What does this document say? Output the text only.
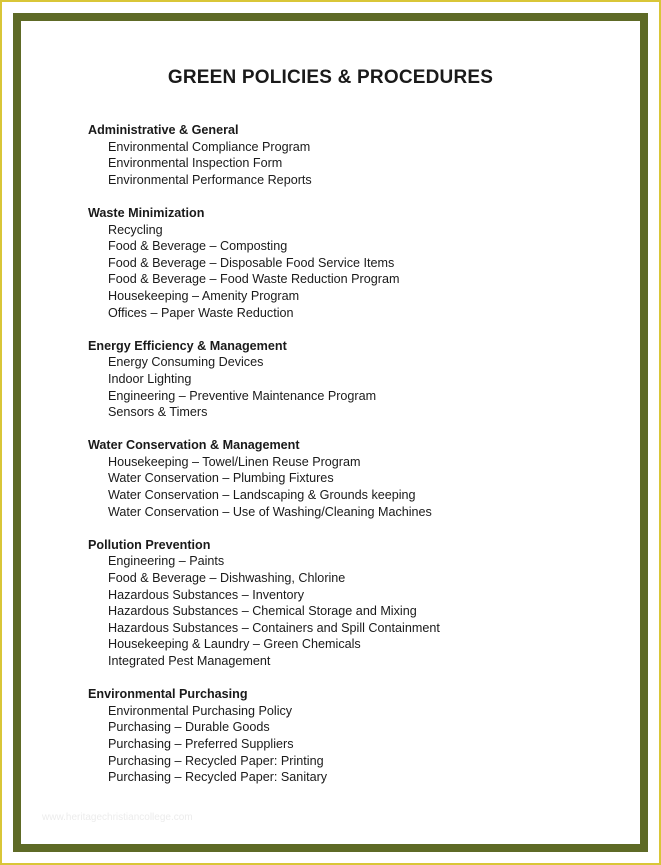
GREEN POLICIES & PROCEDURES
Administrative & General
Environmental Compliance Program
Environmental Inspection Form
Environmental Performance Reports
Waste Minimization
Recycling
Food & Beverage – Composting
Food & Beverage – Disposable Food Service Items
Food & Beverage – Food Waste Reduction Program
Housekeeping – Amenity Program
Offices – Paper Waste Reduction
Energy Efficiency & Management
Energy Consuming Devices
Indoor Lighting
Engineering – Preventive Maintenance Program
Sensors & Timers
Water Conservation & Management
Housekeeping – Towel/Linen Reuse Program
Water Conservation – Plumbing Fixtures
Water Conservation – Landscaping & Grounds keeping
Water Conservation – Use of Washing/Cleaning Machines
Pollution Prevention
Engineering – Paints
Food & Beverage – Dishwashing, Chlorine
Hazardous Substances – Inventory
Hazardous Substances – Chemical Storage and Mixing
Hazardous Substances – Containers and Spill Containment
Housekeeping & Laundry – Green Chemicals
Integrated Pest Management
Environmental Purchasing
Environmental Purchasing Policy
Purchasing – Durable Goods
Purchasing – Preferred Suppliers
Purchasing – Recycled Paper: Printing
Purchasing – Recycled Paper: Sanitary
www.heritagechristiancollege.com
